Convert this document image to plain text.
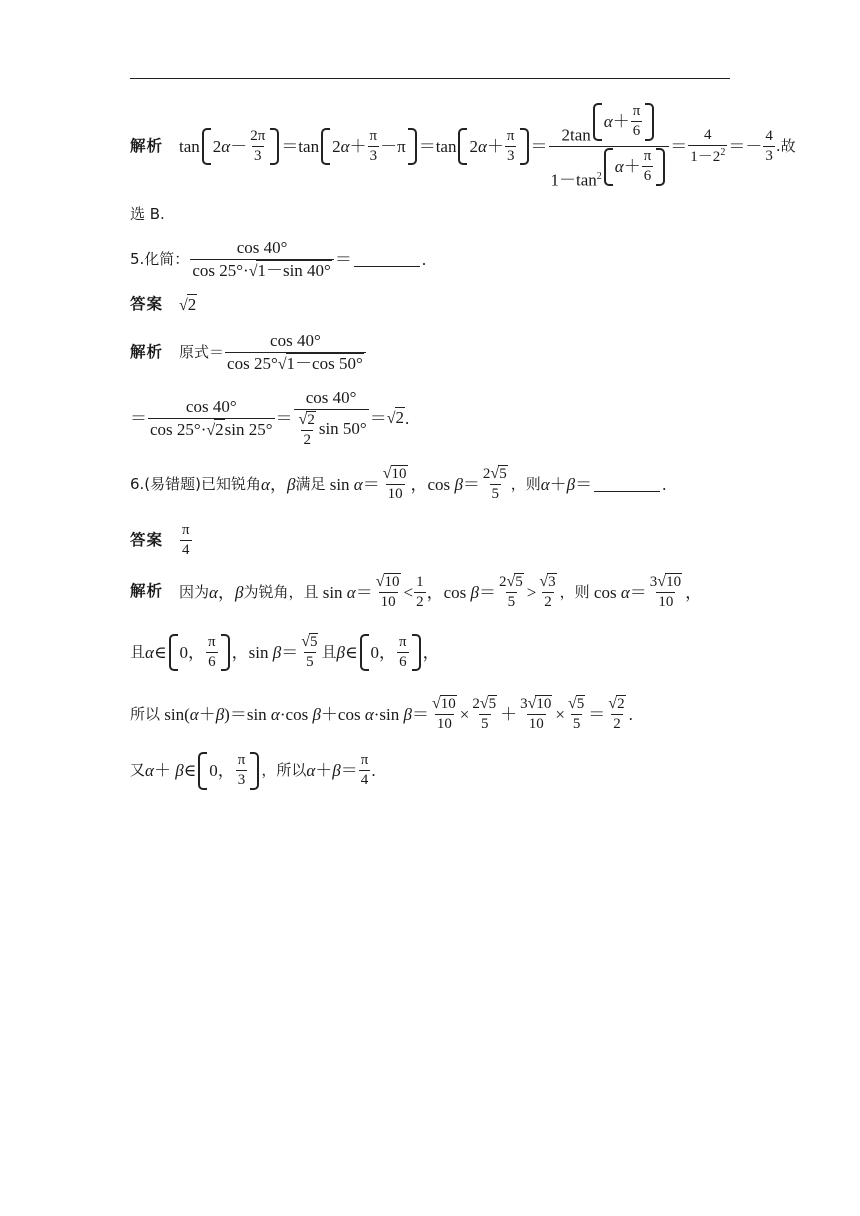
解析 tan 2α－
2π
3
＝tan 2α＋
π
3
－π ＝tan 2α＋
π
3
＝
2tan
α ＋
π
6
$1-\tan^2$
α ＋
π
6
＝
4
$1-2^2$ ＝－
4
3
.故
选 B.
5.化简：
cos 40°
cos 25°·√1－sin 40°
＝	.
答案 √2
解析 原式＝
cos 40°
cos 25°√1－cos 50°
＝
cos 40°
cos 25°·√2sin 25°
＝
cos 40°
$\frac{√2}{2}$ sin 50°
＝ √2 .
6.(易错题)已知锐角 α，β 满足 sin α＝
√10
10
，cos β＝
2√5
5
，则 α＋β＝	.
答案
π
4
解析 因为 α，β 为锐角，且 sin α＝
√10
10
<
1
2
，cos β＝
2√5
5
>
√3
2
，则 cos α＝
3√10
10
，
且 α∈ 0，
π
6
，sin β＝
√5
5
且 β∈ 0，
π
6
，
所以 sin(α＋β)＝sin α·cos β＋cos α·sin $\beta= \frac{√10}{10} \times \frac{2√5}{5} + \frac{3√10}{10} \times \frac{√5}{5}$ ＝
√2
2
.
又 α＋ β∈ 0，
π
3
，所以 α＋β＝
π
4
.
